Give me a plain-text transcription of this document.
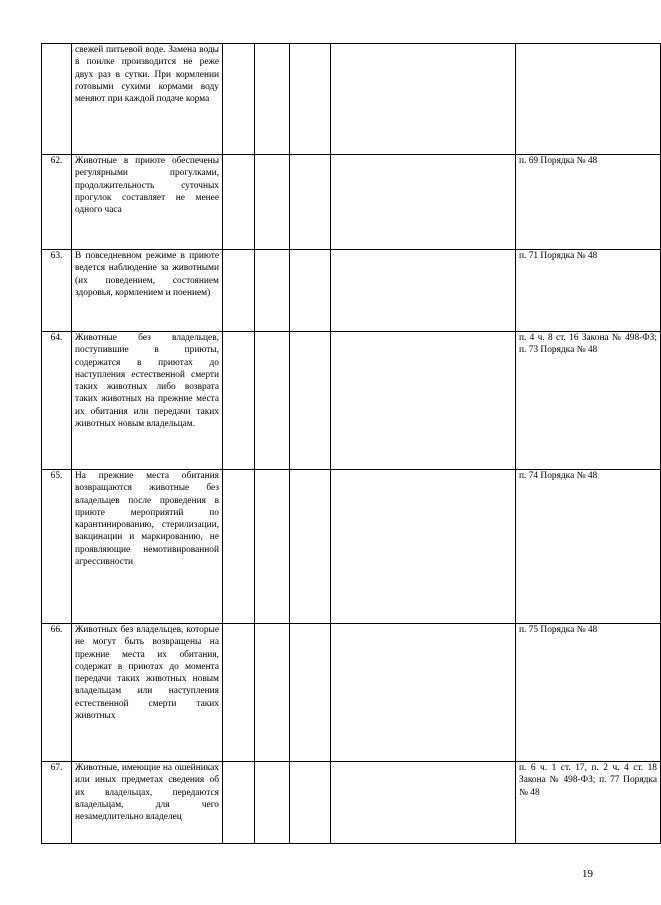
	свежей питьевой воде. Замена воды в поилке производится не реже двух раз в сутки. При кормлении готовыми сухими кормами воду меняют при каждой подаче корма					
62.	Животные в приюте обеспечены регулярными прогулками, продолжительность суточных прогулок составляет не менее одного часа					п. 69 Порядка № 48
63.	В повседневном режиме в приюте ведется наблюдение за животными (их поведением, состоянием здоровья, кормлением и поением)					п. 71 Порядка № 48
64.	Животные без владельцев, поступившие в приюты, содержатся в приютах до наступления естественной смерти таких животных либо возврата таких животных на прежние места их обитания или передачи таких животных новым владельцам.					п. 4 ч. 8 ст. 16 Закона № 498-ФЗ; п. 73 Порядка № 48
65.	На прежние места обитания возвращаются животные без владельцев после проведения в приюте мероприятий по карантинированию, стерилизации, вакцинации и маркированию, не проявляющие немотивированной агрессивности					п. 74 Порядка № 48
66.	Животных без владельцев, которые не могут быть возвращены на прежние места их обитания, содержат в приютах до момента передачи таких животных новым владельцам или наступления естественной смерти таких животных					п. 75 Порядка № 48
67.	Животные, имеющие на ошейниках или иных предметах сведения об их владельцах, передаются владельцам, для чего незамедлительно владелец					п. 6 ч. 1 ст. 17, п. 2 ч. 4 ст. 18 Закона № 498-ФЗ; п. 77 Порядка № 48
19
